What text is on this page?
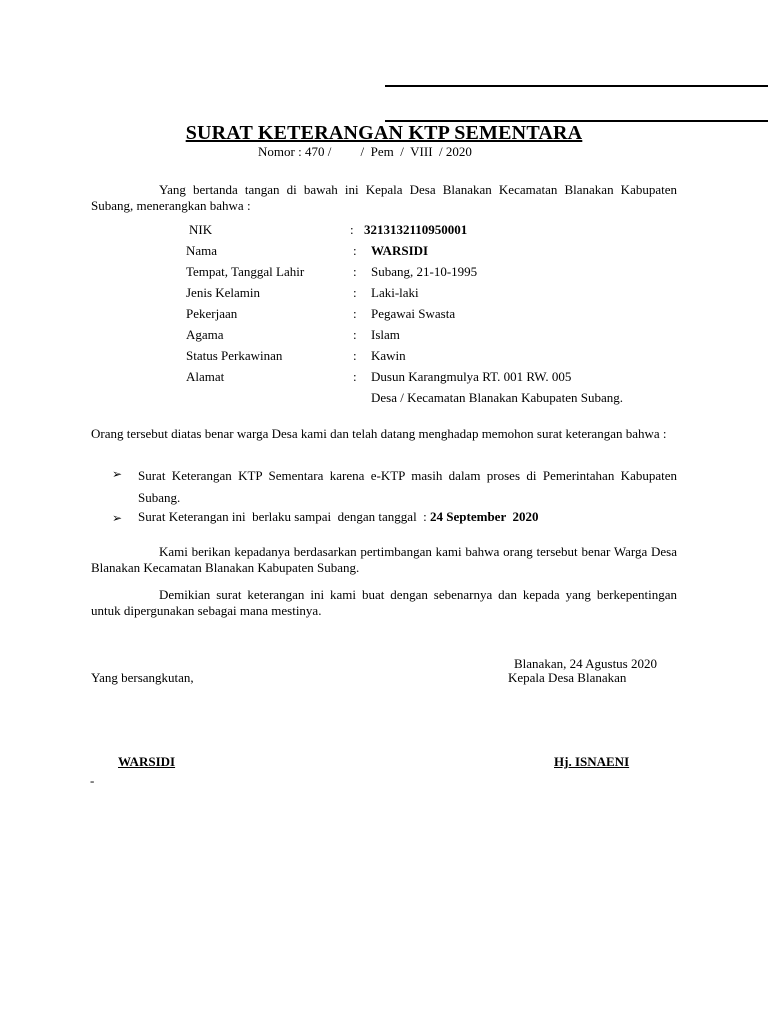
SURAT KETERANGAN KTP SEMENTARA
Nomor : 470 /         /  Pem  /  VIII  / 2020
Yang bertanda tangan di bawah ini Kepala Desa Blanakan Kecamatan Blanakan Kabupaten Subang, menerangkan bahwa :
NIK	: 3213132110950001
Nama	: WARSIDI
Tempat, Tanggal Lahir	: Subang, 21-10-1995
Jenis Kelamin	: Laki-laki
Pekerjaan	: Pegawai Swasta
Agama	: Islam
Status Perkawinan	: Kawin
Alamat	: Dusun Karangmulya RT. 001 RW. 005
Desa / Kecamatan Blanakan Kabupaten Subang.
Orang tersebut diatas benar warga Desa kami dan telah datang menghadap memohon surat keterangan bahwa :
➢ Surat Keterangan KTP Sementara karena e-KTP masih dalam proses di Pemerintahan Kabupaten Subang.
➢ Surat Keterangan ini  berlaku sampai  dengan tanggal  : 24 September  2020
Kami berikan kepadanya berdasarkan pertimbangan kami bahwa orang tersebut benar Warga Desa Blanakan Kecamatan Blanakan Kabupaten Subang.
Demikian surat keterangan ini kami buat dengan sebenarnya dan kepada yang berkepentingan untuk dipergunakan sebagai mana mestinya.
Blanakan, 24 Agustus 2020
Yang bersangkutan,	Kepala Desa Blanakan
WARSIDI	Hj. ISNAENI
-
